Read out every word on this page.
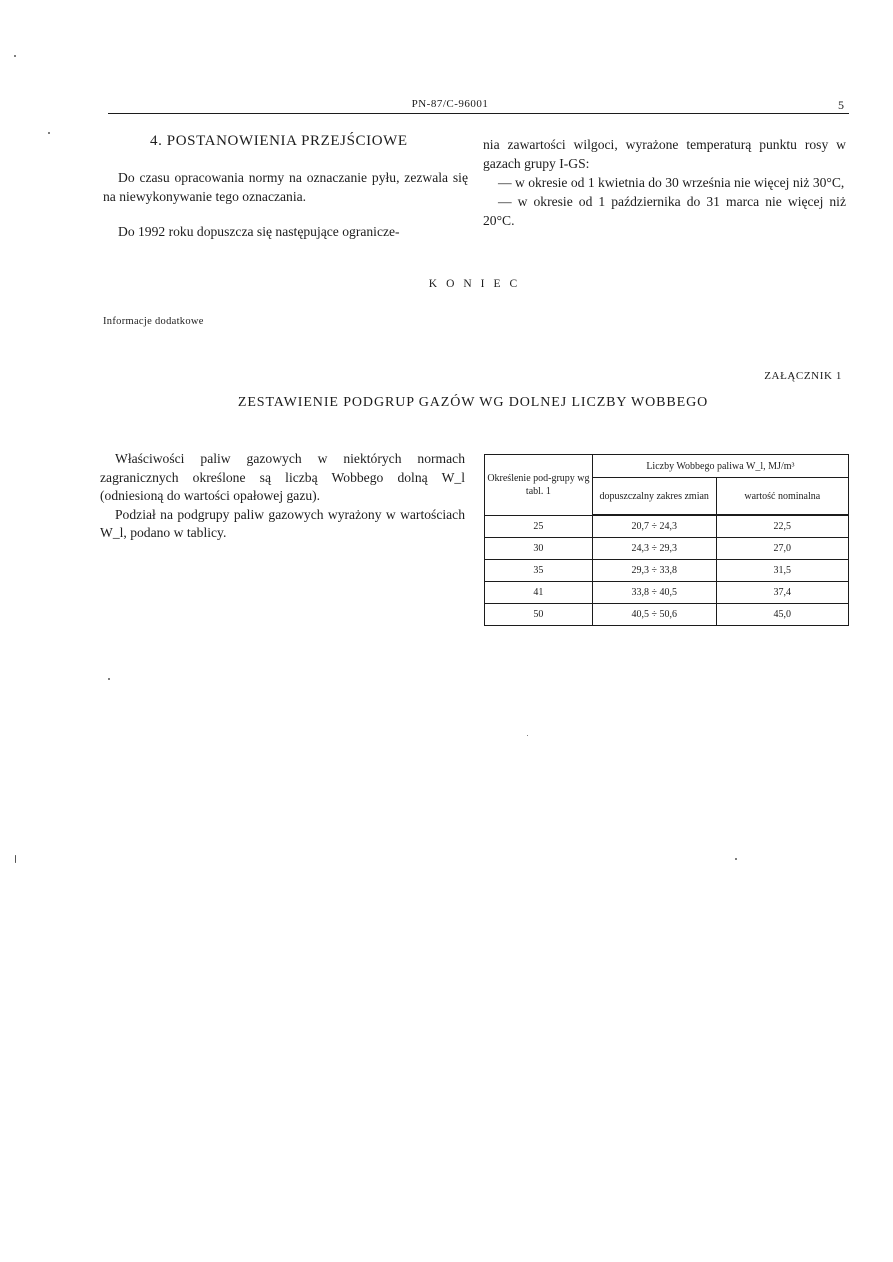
PN-87/C-96001	5
4. POSTANOWIENIA PRZEJŚCIOWE

Do czasu opracowania normy na oznaczanie pyłu, zezwala się na niewykonywanie tego oznaczania.

Do 1992 roku dopuszcza się następujące ogranicze-

nia zawartości wilgoci, wyrażone temperaturą punktu rosy w gazach grupy I-GS:

— w okresie od 1 kwietnia do 30 września nie więcej niż 30°C,

— w okresie od 1 października do 31 marca nie więcej niż 20°C.

KONIEC
Informacje dodatkowe
ZAŁĄCZNIK 1
ZESTAWIENIE PODGRUP GAZÓW WG DOLNEJ LICZBY WOBBEGO

Właściwości paliw gazowych w niektórych normach zagranicznych określone są liczbą Wobbego dolną W_l (odniesioną do wartości opałowej gazu).

Podział na podgrupy paliw gazowych wyrażony w wartościach W_l, podano w tablicy.

Określenie pod-grupy wg tabl. 1	Liczby Wobbego paliwa W_l, MJ/m³	
	dopuszczalny zakres zmian	wartość nominalna
25	20,7 ÷ 24,3	22,5
30	24,3 ÷ 29,3	27,0
35	29,3 ÷ 33,8	31,5
41	33,8 ÷ 40,5	37,4
50	40,5 ÷ 50,6	45,0
